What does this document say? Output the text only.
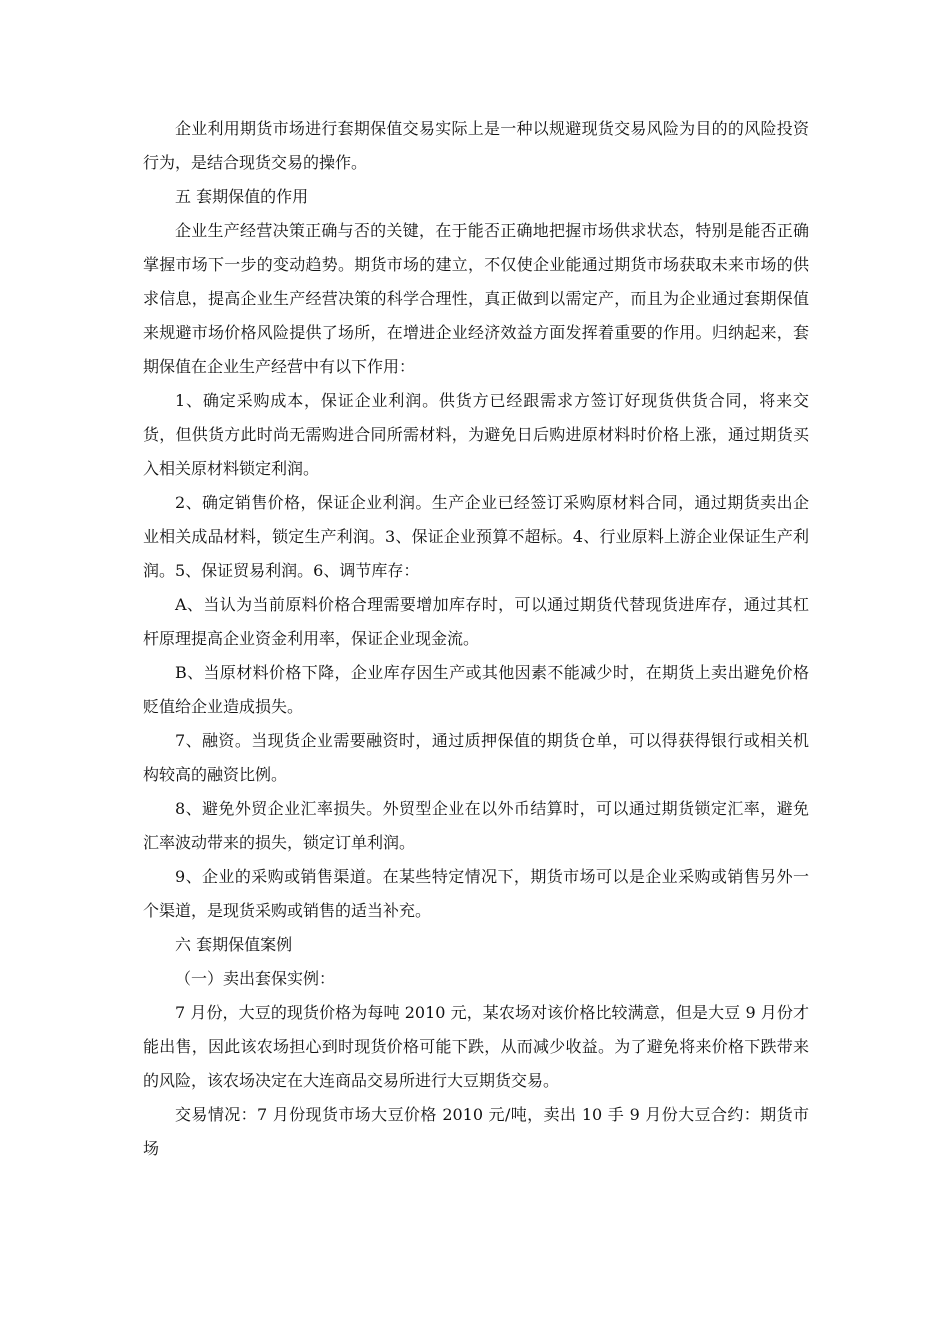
企业利用期货市场进行套期保值交易实际上是一种以规避现货交易风险为目的的风险投资行为，是结合现货交易的操作。

五 套期保值的作用

企业生产经营决策正确与否的关键，在于能否正确地把握市场供求状态，特别是能否正确掌握市场下一步的变动趋势。期货市场的建立，不仅使企业能通过期货市场获取未来市场的供求信息，提高企业生产经营决策的科学合理性，真正做到以需定产，而且为企业通过套期保值来规避市场价格风险提供了场所，在增进企业经济效益方面发挥着重要的作用。归纳起来，套期保值在企业生产经营中有以下作用：

1、确定采购成本，保证企业利润。供货方已经跟需求方签订好现货供货合同，将来交货，但供货方此时尚无需购进合同所需材料，为避免日后购进原材料时价格上涨，通过期货买入相关原材料锁定利润。

2、确定销售价格，保证企业利润。生产企业已经签订采购原材料合同，通过期货卖出企业相关成品材料，锁定生产利润。3、保证企业预算不超标。4、行业原料上游企业保证生产利润。5、保证贸易利润。6、调节库存：

A、当认为当前原料价格合理需要增加库存时，可以通过期货代替现货进库存，通过其杠杆原理提高企业资金利用率，保证企业现金流。

B、当原材料价格下降，企业库存因生产或其他因素不能减少时，在期货上卖出避免价格贬值给企业造成损失。

7、融资。当现货企业需要融资时，通过质押保值的期货仓单，可以得获得银行或相关机构较高的融资比例。

8、避免外贸企业汇率损失。外贸型企业在以外币结算时，可以通过期货锁定汇率，避免汇率波动带来的损失，锁定订单利润。

9、企业的采购或销售渠道。在某些特定情况下，期货市场可以是企业采购或销售另外一个渠道，是现货采购或销售的适当补充。

六 套期保值案例

（一）卖出套保实例：

7 月份，大豆的现货价格为每吨 2010 元，某农场对该价格比较满意，但是大豆 9 月份才能出售，因此该农场担心到时现货价格可能下跌，从而减少收益。为了避免将来价格下跌带来的风险，该农场决定在大连商品交易所进行大豆期货交易。

交易情况：7 月份现货市场大豆价格 2010 元/吨，卖出 10 手 9 月份大豆合约：期货市场
